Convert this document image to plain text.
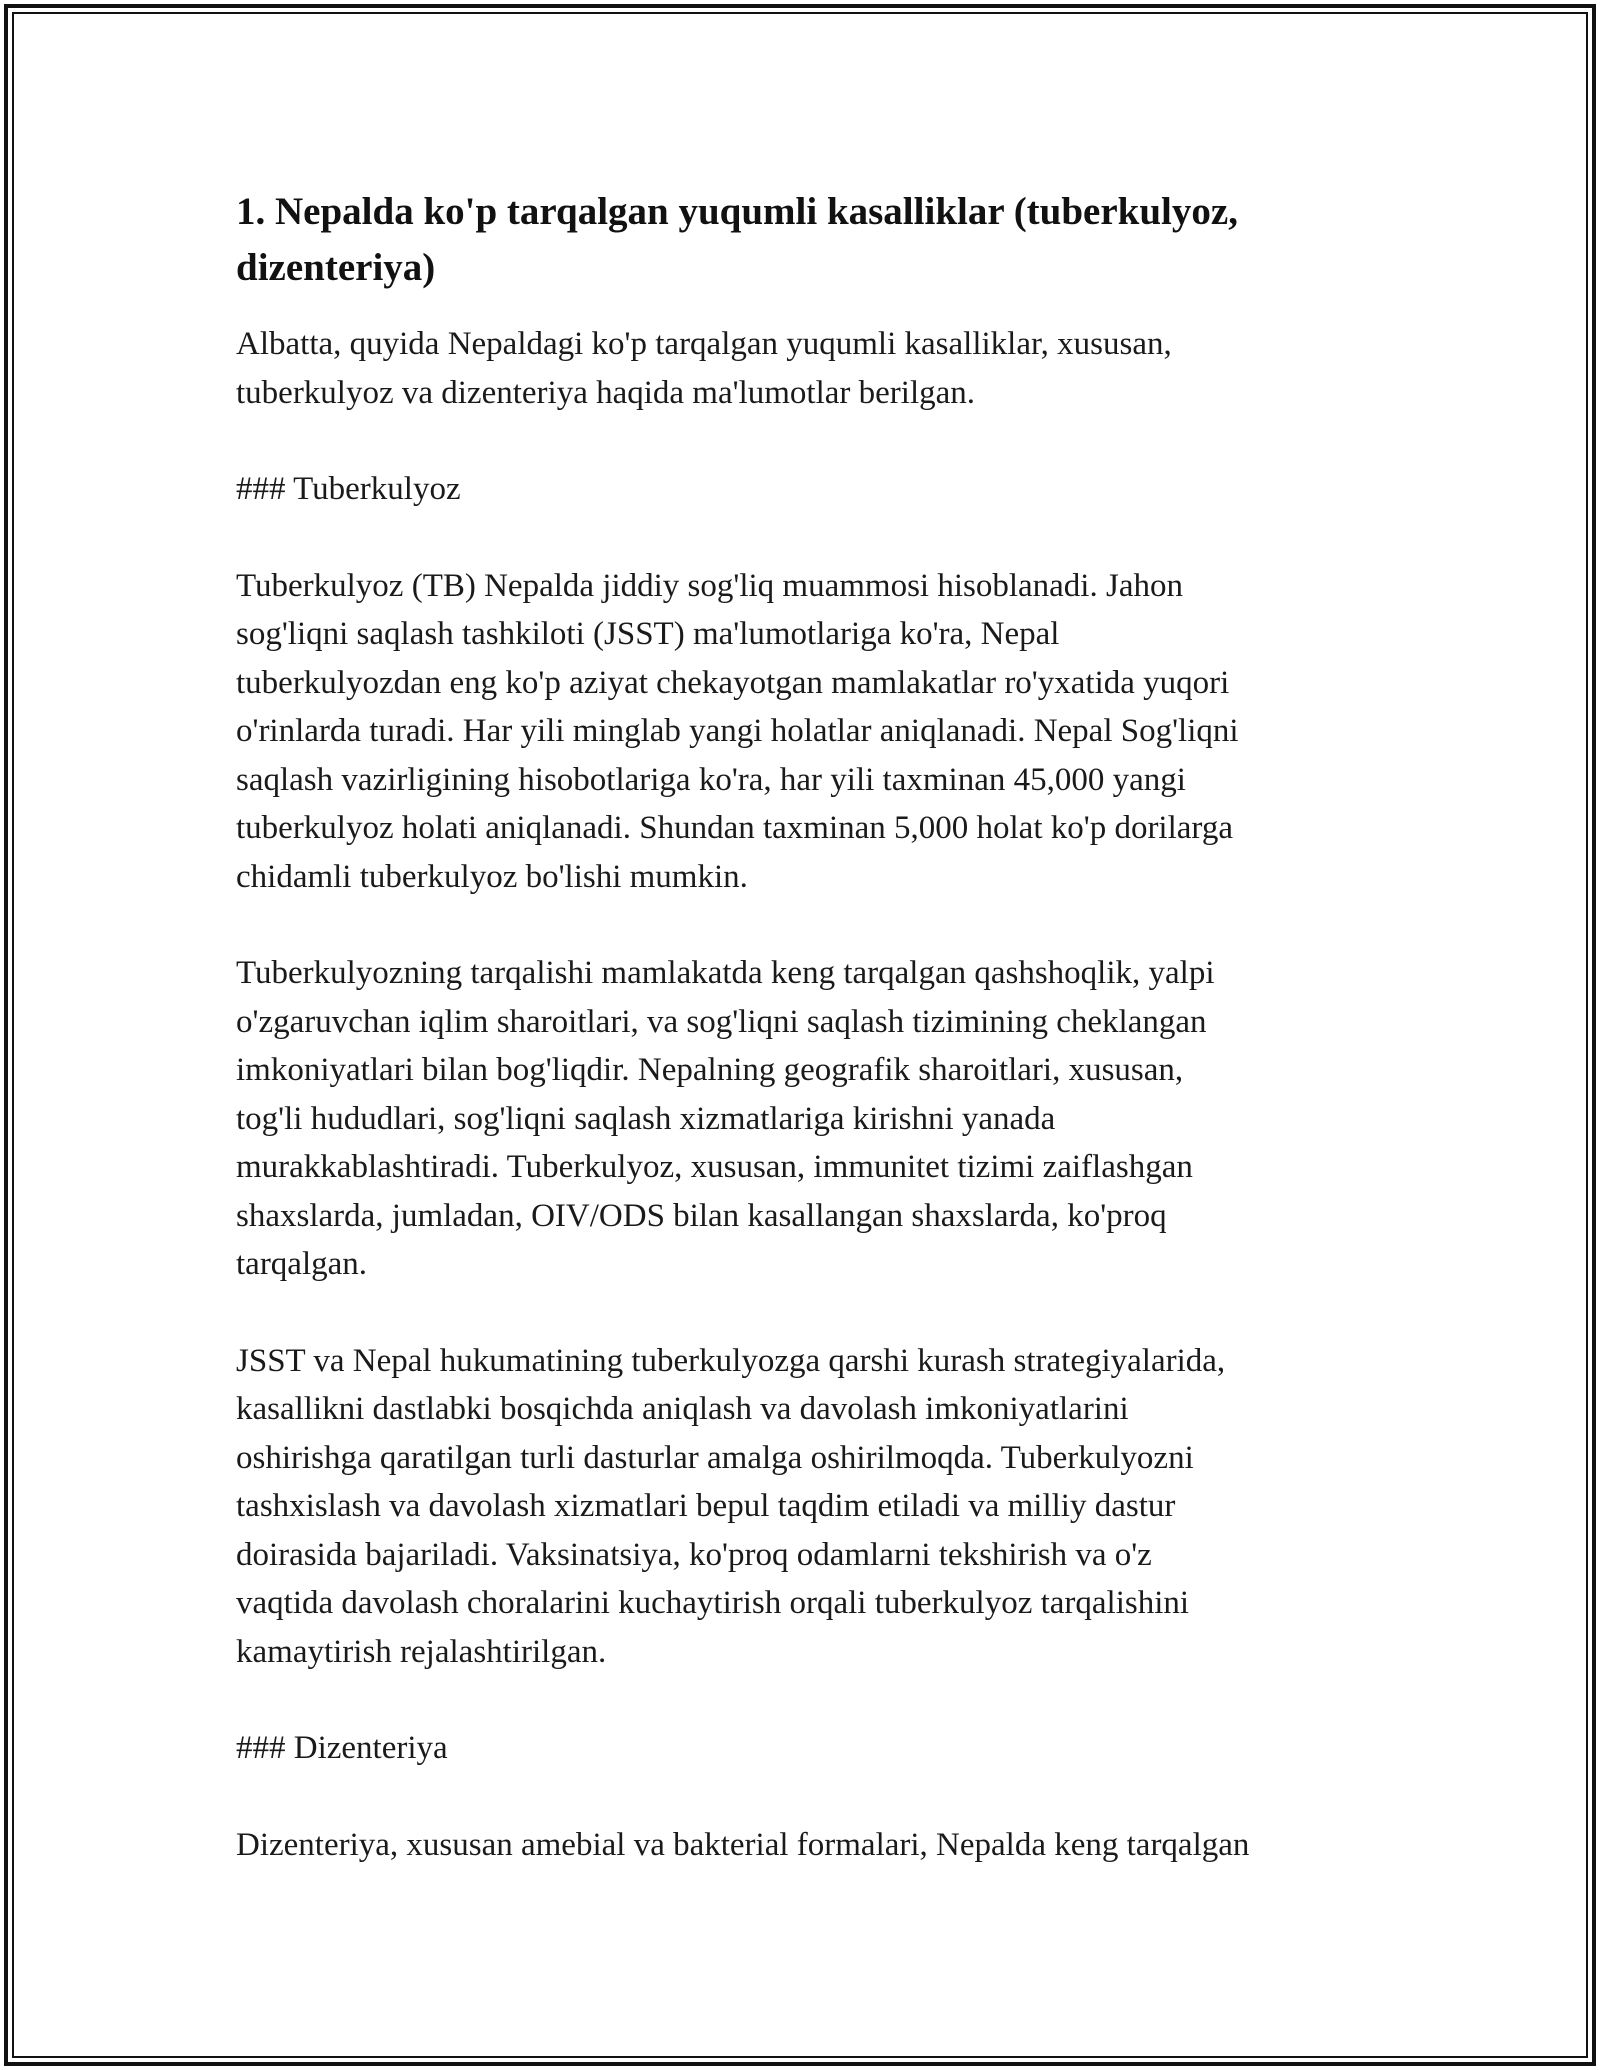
1. Nepalda ko'p tarqalgan yuqumli kasalliklar (tuberkulyoz,
dizenteriya)

Albatta, quyida Nepaldagi ko'p tarqalgan yuqumli kasalliklar, xususan,
tuberkulyoz va dizenteriya haqida ma'lumotlar berilgan.

### Tuberkulyoz

Tuberkulyoz (TB) Nepalda jiddiy sog'liq muammosi hisoblanadi. Jahon
sog'liqni saqlash tashkiloti (JSST) ma'lumotlariga ko'ra, Nepal
tuberkulyozdan eng ko'p aziyat chekayotgan mamlakatlar ro'yxatida yuqori
o'rinlarda turadi. Har yili minglab yangi holatlar aniqlanadi. Nepal Sog'liqni
saqlash vazirligining hisobotlariga ko'ra, har yili taxminan 45,000 yangi
tuberkulyoz holati aniqlanadi. Shundan taxminan 5,000 holat ko'p dorilarga
chidamli tuberkulyoz bo'lishi mumkin.

Tuberkulyozning tarqalishi mamlakatda keng tarqalgan qashshoqlik, yalpi
o'zgaruvchan iqlim sharoitlari, va sog'liqni saqlash tizimining cheklangan
imkoniyatlari bilan bog'liqdir. Nepalning geografik sharoitlari, xususan,
tog'li hududlari, sog'liqni saqlash xizmatlariga kirishni yanada
murakkablashtiradi. Tuberkulyoz, xususan, immunitet tizimi zaiflashgan
shaxslarda, jumladan, OIV/ODS bilan kasallangan shaxslarda, ko'proq
tarqalgan.

JSST va Nepal hukumatining tuberkulyozga qarshi kurash strategiyalarida,
kasallikni dastlabki bosqichda aniqlash va davolash imkoniyatlarini
oshirishga qaratilgan turli dasturlar amalga oshirilmoqda. Tuberkulyozni
tashxislash va davolash xizmatlari bepul taqdim etiladi va milliy dastur
doirasida bajariladi. Vaksinatsiya, ko'proq odamlarni tekshirish va o'z
vaqtida davolash choralarini kuchaytirish orqali tuberkulyoz tarqalishini
kamaytirish rejalashtirilgan.

### Dizenteriya

Dizenteriya, xususan amebial va bakterial formalari, Nepalda keng tarqalgan
